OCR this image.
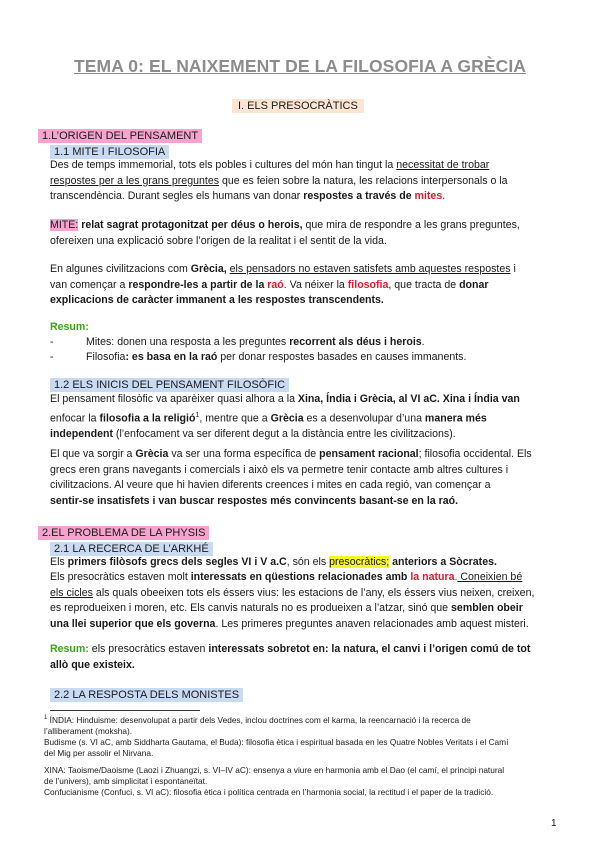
TEMA 0: EL NAIXEMENT DE LA FILOSOFIA A GRÈCIA
I. ELS PRESOCRÀTICS
1.L’ORIGEN DEL PENSAMENT
1.1 MITE I FILOSOFIA
Des de temps immemorial, tots els pobles i cultures del món han tingut la necessitat de trobar
respostes per a les grans preguntes que es feien sobre la natura, les relacions interpersonals o la
transcendència. Durant segles els humans van donar respostes a través de mites.
MITE: relat sagrat protagonitzat per déus o herois, que mira de respondre a les grans preguntes,
ofereixen una explicació sobre l’origen de la realitat i el sentit de la vida.
En algunes civilitzacions com Grècia, els pensadors no estaven satisfets amb aquestes respostes i
van començar a respondre-les a partir de la raó. Va néixer la filosofia, que tracta de donar
explicacions de caràcter immanent a les respostes transcendents.
Resum:
-	Mites: donen una resposta a les preguntes recorrent als déus i herois.
-	Filosofia: es basa en la raó per donar respostes basades en causes immanents.
1.2 ELS INICIS DEL PENSAMENT FILOSÒFIC
El pensament filosòfic va aparèixer quasi alhora a la Xina, Índia i Grècia, al VI aC. Xina i Índia van
enfocar la filosofia a la religió$^1$, mentre que a Grècia es a desenvolupar d’una manera més
independent (l’enfocament va ser diferent degut a la distància entre les civilitzacions).
El que va sorgir a Grècia va ser una forma específica de pensament racional; filosofia occidental. Els
grecs eren grans navegants i comercials i això els va permetre tenir contacte amb altres cultures i
civilitzacions. Al veure que hi havien diferents creences i mites en cada regió, van començar a
sentir-se insatisfets i van buscar respostes més convincents basant-se en la raó.
2.EL PROBLEMA DE LA PHYSIS
2.1 LA RECERCA DE L’ARKHÉ
Els primers filòsofs grecs dels segles VI i V a.C, són els presocràtics; anteriors a Sòcrates.
Els presocràtics estaven molt interessats en qüestions relacionades amb la natura. Coneixien bé
els cicles als quals obeeixen tots els éssers vius: les estacions de l’any, els éssers vius neixen, creixen,
es reprodueixen i moren, etc. Els canvis naturals no es produeixen a l’atzar, sinó que semblen obeir
una llei superior que els governa. Les primeres preguntes anaven relacionades amb aquest misteri.
Resum: els presocràtics estaven interessats sobretot en: la natura, el canvi i l’origen comú de tot
allò que existeix.
2.2 LA RESPOSTA DELS MONISTES
$^1$ ÍNDIA: Hinduisme: desenvolupat a partir dels Vedes, inclou doctrines com el karma, la reencarnació i la recerca de
l’alliberament (moksha).
Budisme (s. VI aC, amb Siddharta Gautama, el Buda): filosofia ètica i espiritual basada en les Quatre Nobles Veritats i el Camí
del Mig per assolir el Nirvana.
XINA: Taoisme/Daoisme (Laozi i Zhuangzi, s. VI–IV aC): ensenya a viure en harmonia amb el Dao (el camí, el principi natural
de l’univers), amb simplicitat i espontaneïtat.
Confucianisme (Confuci, s. VI aC): filosofia ètica i política centrada en l’harmonia social, la rectitud i el paper de la tradició.
1
